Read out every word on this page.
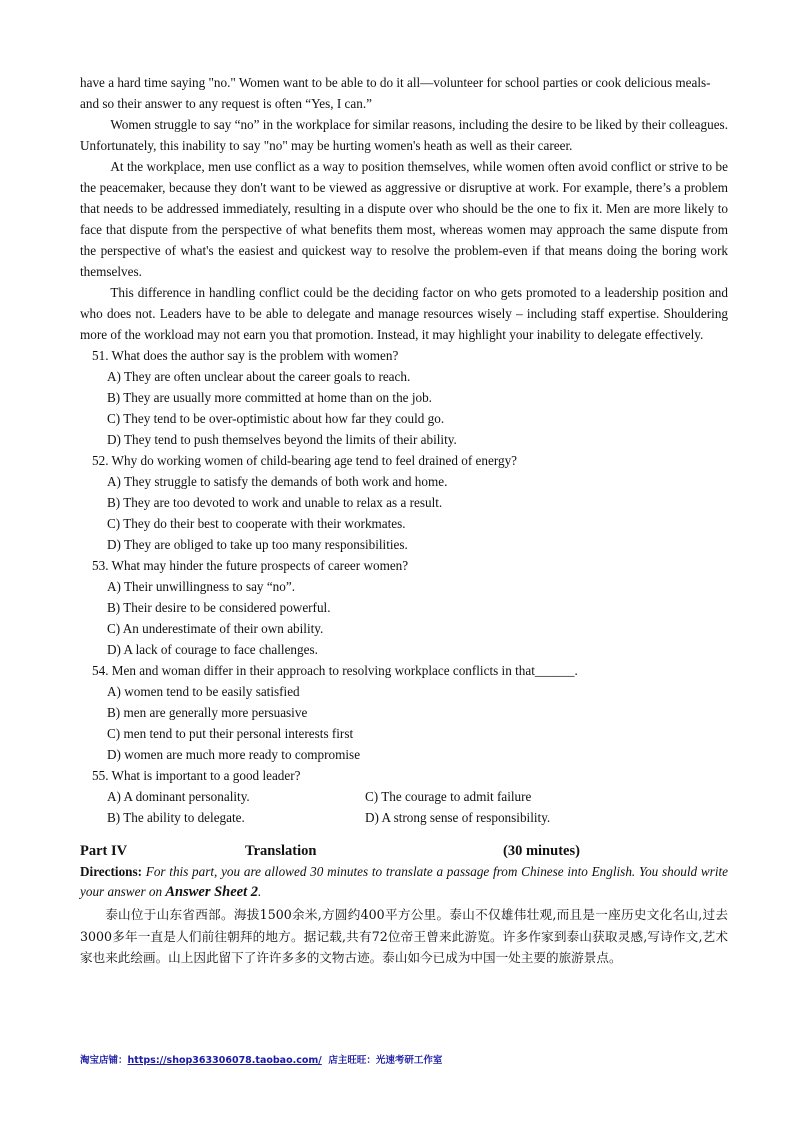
have a hard time saying "no." Women want to be able to do it all—volunteer for school parties or cook delicious meals-and so their answer to any request is often “Yes, I can.”

Women struggle to say “no” in the workplace for similar reasons, including the desire to be liked by their colleagues. Unfortunately, this inability to say "no" may be hurting women's heath as well as their career.

At the workplace, men use conflict as a way to position themselves, while women often avoid conflict or strive to be the peacemaker, because they don't want to be viewed as aggressive or disruptive at work. For example, there’s a problem that needs to be addressed immediately, resulting in a dispute over who should be the one to fix it. Men are more likely to face that dispute from the perspective of what benefits them most, whereas women may approach the same dispute from the perspective of what's the easiest and quickest way to resolve the problem-even if that means doing the boring work themselves.

This difference in handling conflict could be the deciding factor on who gets promoted to a leadership position and who does not. Leaders have to be able to delegate and manage resources wisely – including staff expertise. Shouldering more of the workload may not earn you that promotion. Instead, it may highlight your inability to delegate effectively.

51. What does the author say is the problem with women?
A) They are often unclear about the career goals to reach.
B) They are usually more committed at home than on the job.
C) They tend to be over-optimistic about how far they could go.
D) They tend to push themselves beyond the limits of their ability.
52. Why do working women of child-bearing age tend to feel drained of energy?
A) They struggle to satisfy the demands of both work and home.
B) They are too devoted to work and unable to relax as a result.
C) They do their best to cooperate with their workmates.
D) They are obliged to take up too many responsibilities.
53. What may hinder the future prospects of career women?
A) Their unwillingness to say “no”.
B) Their desire to be considered powerful.
C) An underestimate of their own ability.
D) A lack of courage to face challenges.
54. Men and woman differ in their approach to resolving workplace conflicts in that______.
A) women tend to be easily satisfied
B) men are generally more persuasive
C) men tend to put their personal interests first
D) women are much more ready to compromise
55. What is important to a good leader?
A) A dominant personality.	C) The courage to admit failure
B) The ability to delegate.	D) A strong sense of responsibility.
Part IV	Translation	(30 minutes)
Directions: For this part, you are allowed 30 minutes to translate a passage from Chinese into English. You should write your answer on Answer Sheet 2.

泰山位于山东省西部。海拔1500余米,方圆约400平方公里。泰山不仅雄伟壮观,而且是一座历史文化名山,过去3000多年一直是人们前往朝拜的地方。据记载,共有72位帝王曾来此游览。许多作家到泰山获取灵感,写诗作文,艺术家也来此绘画。山上因此留下了许许多多的文物古迹。泰山如今已成为中国一处主要的旅游景点。

淘宝店铺：https://shop363306078.taobao.com/ 店主旺旺：光速考研工作室
